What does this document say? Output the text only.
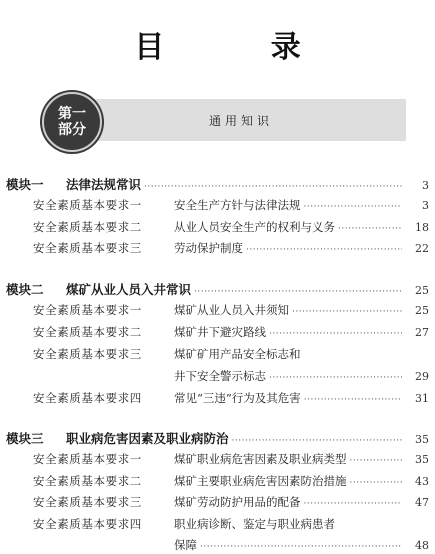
目 录
第一
部分
通用知识
模块一	法律法规常识 ·····	3
安全素质基本要求一	安全生产方针与法律法规 ·····	3
安全素质基本要求二	从业人员安全生产的权利与义务 ·····	18
安全素质基本要求三	劳动保护制度 ·····	22
模块二	煤矿从业人员入井常识 ·····	25
安全素质基本要求一	煤矿从业人员入井须知 ·····	25
安全素质基本要求二	煤矿井下避灾路线 ·····	27
安全素质基本要求三	煤矿矿用产品安全标志和
井下安全警示标志 ·····	29
安全素质基本要求四	常见“三违”行为及其危害 ·····	31
模块三	职业病危害因素及职业病防治 ·····	35
安全素质基本要求一	煤矿职业病危害因素及职业病类型 ·····	35
安全素质基本要求二	煤矿主要职业病危害因素防治措施 ·····	43
安全素质基本要求三	煤矿劳动防护用品的配备 ·····	47
安全素质基本要求四	职业病诊断、鉴定与职业病患者
保障 ·····	48
